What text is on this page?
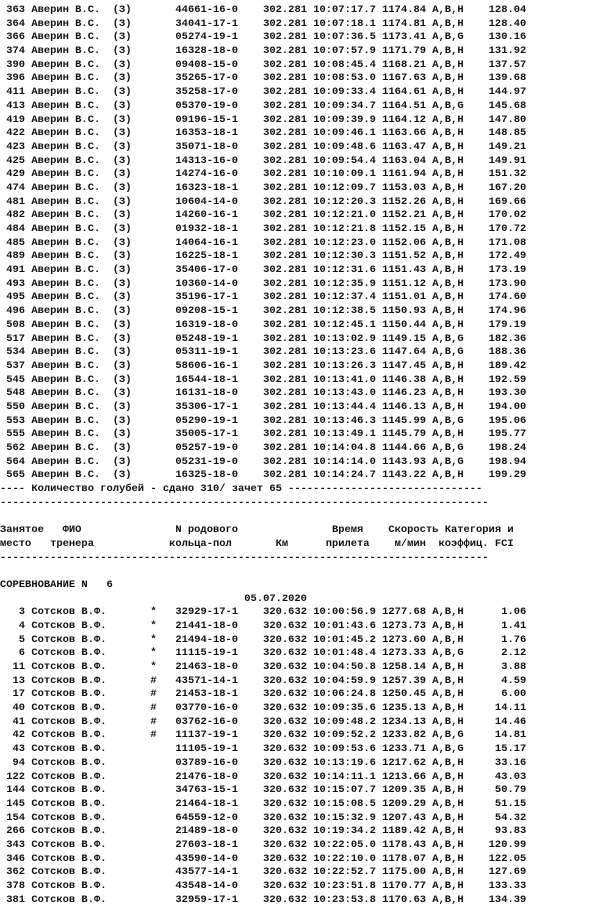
363 Аверин В.С.  (З)	44661-16-0 302.281 10:07:17.7 1174.84 A,B,H    128.04
364 Аверин В.С.  (З)	34041-17-1 302.281 10:07:18.1 1174.81 A,B,H    128.40
366 Аверин В.С.  (З)	05274-19-1 302.281 10:07:36.5 1173.41 A,B,G    130.16
374 Аверин В.С.  (З)	16328-18-0 302.281 10:07:57.9 1171.79 A,B,H    131.92
390 Аверин В.С.  (З)	09408-15-0 302.281 10:08:45.4 1168.21 A,B,H    137.57
396 Аверин В.С.  (З)	35265-17-0 302.281 10:08:53.0 1167.63 A,B,H    139.68
411 Аверин В.С.  (З)	35258-17-0 302.281 10:09:33.4 1164.61 A,B,H    144.97
413 Аверин В.С.  (З)	05370-19-0 302.281 10:09:34.7 1164.51 A,B,G    145.68
419 Аверин В.С.  (З)	09196-15-1 302.281 10:09:39.9 1164.12 A,B,H    147.80
422 Аверин В.С.  (З)	16353-18-1 302.281 10:09:46.1 1163.66 A,B,H    148.85
423 Аверин В.С.  (З)	35071-18-0 302.281 10:09:48.6 1163.47 A,B,H    149.21
425 Аверин В.С.  (З)	14313-16-0 302.281 10:09:54.4 1163.04 A,B,H    149.91
429 Аверин В.С.  (З)	14274-16-0 302.281 10:10:09.1 1161.94 A,B,H    151.32
474 Аверин В.С.  (З)	16323-18-1 302.281 10:12:09.7 1153.03 A,B,H    167.20
481 Аверин В.С.  (З)	10604-14-0 302.281 10:12:20.3 1152.26 A,B,H    169.66
482 Аверин В.С.  (З)	14260-16-1 302.281 10:12:21.0 1152.21 A,B,H    170.02
484 Аверин В.С.  (З)	01932-18-1 302.281 10:12:21.8 1152.15 A,B,H    170.72
485 Аверин В.С.  (З)	14064-16-1 302.281 10:12:23.0 1152.06 A,B,H    171.08
489 Аверин В.С.  (З)	16225-18-1 302.281 10:12:30.3 1151.52 A,B,H    172.49
491 Аверин В.С.  (З)	35406-17-0 302.281 10:12:31.6 1151.43 A,B,H    173.19
493 Аверин В.С.  (З)	10360-14-0 302.281 10:12:35.9 1151.12 A,B,H    173.90
495 Аверин В.С.  (З)	35196-17-1 302.281 10:12:37.4 1151.01 A,B,H    174.60
496 Аверин В.С.  (З)	09208-15-1 302.281 10:12:38.5 1150.93 A,B,H    174.96
508 Аверин В.С.  (З)	16319-18-0 302.281 10:12:45.1 1150.44 A,B,H    179.19
517 Аверин В.С.  (З)	05248-19-1 302.281 10:13:02.9 1149.15 A,B,G    182.36
534 Аверин В.С.  (З)	05311-19-1 302.281 10:13:23.6 1147.64 A,B,G    188.36
537 Аверин В.С.  (З)	58606-16-1 302.281 10:13:26.3 1147.45 A,B,H    189.42
545 Аверин В.С.  (З)	16544-18-1 302.281 10:13:41.0 1146.38 A,B,H    192.59
548 Аверин В.С.  (З)	16131-18-0 302.281 10:13:43.0 1146.23 A,B,H    193.30
550 Аверин В.С.  (З)	35306-17-1 302.281 10:13:44.4 1146.13 A,B,H    194.00
553 Аверин В.С.  (З)	05290-19-1 302.281 10:13:46.3 1145.99 A,B,G    195.06
555 Аверин В.С.  (З)	35005-17-1 302.281 10:13:49.1 1145.79 A,B,H    195.77
562 Аверин В.С.  (З)	05257-19-0 302.281 10:14:04.8 1144.66 A,B,G    198.24
564 Аверин В.С.  (З)	05231-19-0 302.281 10:14:14.0 1143.93 A,B,G    198.94
565 Аверин В.С.  (З)	16325-18-0 302.281 10:14:24.7 1143.22 A,B,H    199.29
---- Количество голубей - сдано 310/ зачет 65 -------------------------------
------------------------------------------------------------------------------
Занятое   ФИО               N родового               Время    Скорость Категория и
место   тренера            кольца-пол       Км      прилета    м/мин  коэффиц. FCI
------------------------------------------------------------------------------
СОРЕВНОВАНИЕ N 6
05.07.2020
3 Сотсков В.Ф.	* 32929-17-1 320.632 10:00:56.9 1277.68 A,B,H      1.06
4 Сотсков В.Ф.	* 21441-18-0 320.632 10:01:43.6 1273.73 A,B,H      1.41
5 Сотсков В.Ф.	* 21494-18-0 320.632 10:01:45.2 1273.60 A,B,H      1.76
6 Сотсков В.Ф.	* 11115-19-1 320.632 10:01:48.4 1273.33 A,B,G      2.12
11 Сотсков В.Ф.	* 21463-18-0 320.632 10:04:50.8 1258.14 A,B,H      3.88
13 Сотсков В.Ф.	# 43571-14-1 320.632 10:04:59.9 1257.39 A,B,H      4.59
17 Сотсков В.Ф.	# 21453-18-1 320.632 10:06:24.8 1250.45 A,B,H      6.00
40 Сотсков В.Ф.	# 03770-16-0 320.632 10:09:35.6 1235.13 A,B,H     14.11
41 Сотсков В.Ф.	# 03762-16-0 320.632 10:09:48.2 1234.13 A,B,H     14.46
42 Сотсков В.Ф.	# 11137-19-1 320.632 10:09:52.2 1233.82 A,B,G     14.81
43 Сотсков В.Ф.	11105-19-1 320.632 10:09:53.6 1233.71 A,B,G     15.17
94 Сотсков В.Ф.	03789-16-0 320.632 10:13:19.6 1217.62 A,B,H     33.16
122 Сотсков В.Ф.	21476-18-0 320.632 10:14:11.1 1213.66 A,B,H     43.03
144 Сотсков В.Ф.	34763-15-1 320.632 10:15:07.7 1209.35 A,B,H     50.79
145 Сотсков В.Ф.	21464-18-1 320.632 10:15:08.5 1209.29 A,B,H     51.15
154 Сотсков В.Ф.	64559-12-0 320.632 10:15:32.9 1207.43 A,B,H     54.32
266 Сотсков В.Ф.	21489-18-0 320.632 10:19:34.2 1189.42 A,B,H     93.83
343 Сотсков В.Ф.	27603-18-1 320.632 10:22:05.0 1178.43 A,B,H    120.99
346 Сотсков В.Ф.	43590-14-0 320.632 10:22:10.0 1178.07 A,B,H    122.05
362 Сотсков В.Ф.	43577-14-1 320.632 10:22:52.7 1175.00 A,B,H    127.69
378 Сотсков В.Ф.	43548-14-0 320.632 10:23:51.8 1170.77 A,B,H    133.33
381 Сотсков В.Ф.	32959-17-1 320.632 10:23:53.8 1170.63 A,B,H    134.39
